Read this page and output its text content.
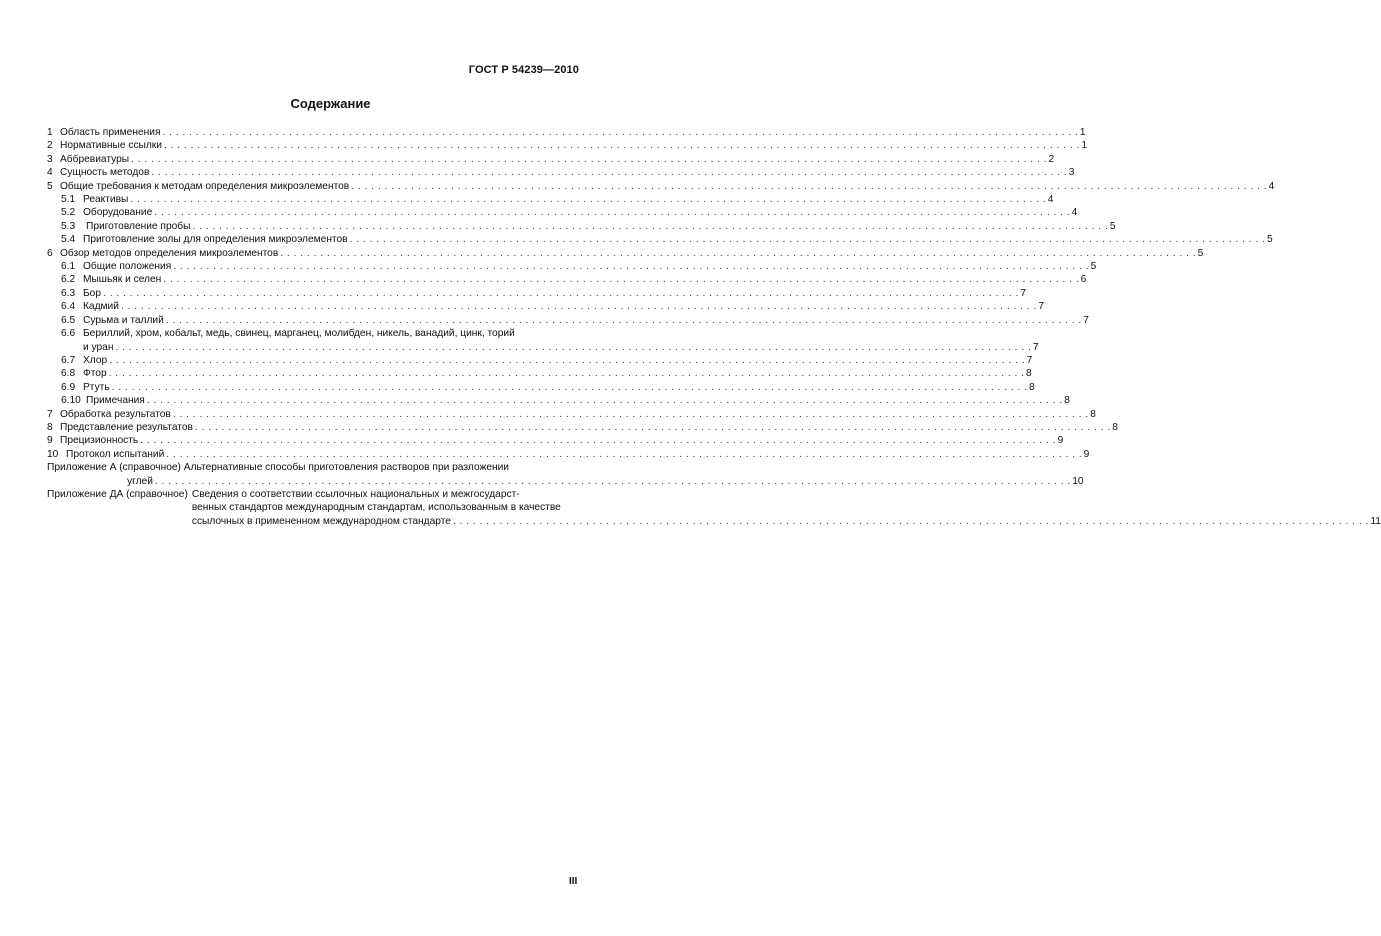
ГОСТ Р 54239—2010
Содержание
1 Область применения . . .	1
2 Нормативные ссылки . . .	1
3 Аббревиатуры . . .	2
4 Сущность методов . . .	3
5 Общие требования к методам определения микроэлементов . . .	4
5.1 Реактивы . . .	4
5.2 Оборудование . . .	4
5.3	Приготовление пробы . . .	5
5.4 Приготовление золы для определения микроэлементов . . .	5
6 Обзор методов определения микроэлементов . . .	5
6.1 Общие положения . . .	5
6.2 Мышьяк и селен . . .	6
6.3 Бор . . .	7
6.4 Кадмий . . .	7
6.5 Сурьма и таллий . . .	7
6.6 Бериллий, хром, кобальт, медь, свинец, марганец, молибден, никель, ванадий, цинк, торий
и уран . . .	7
6.7 Хлор . . .	7
6.8 Фтор . . .	8
6.9 Ртуть . . .	8
6.10 Примечания . . .	8
7 Обработка результатов . . .	8
8 Представление результатов . . .	8
9 Прецизионность . . .	9
10 Протокол испытаний . . .	9
Приложение А (справочное) Альтернативные способы приготовления растворов при разложении
углей . . .	10
Приложение ДА (справочное) Сведения о соответствии ссылочных национальных и межгосударст-
венных стандартов международным стандартам, использованным в качестве
ссылочных в примененном международном стандарте . . .	11
III
